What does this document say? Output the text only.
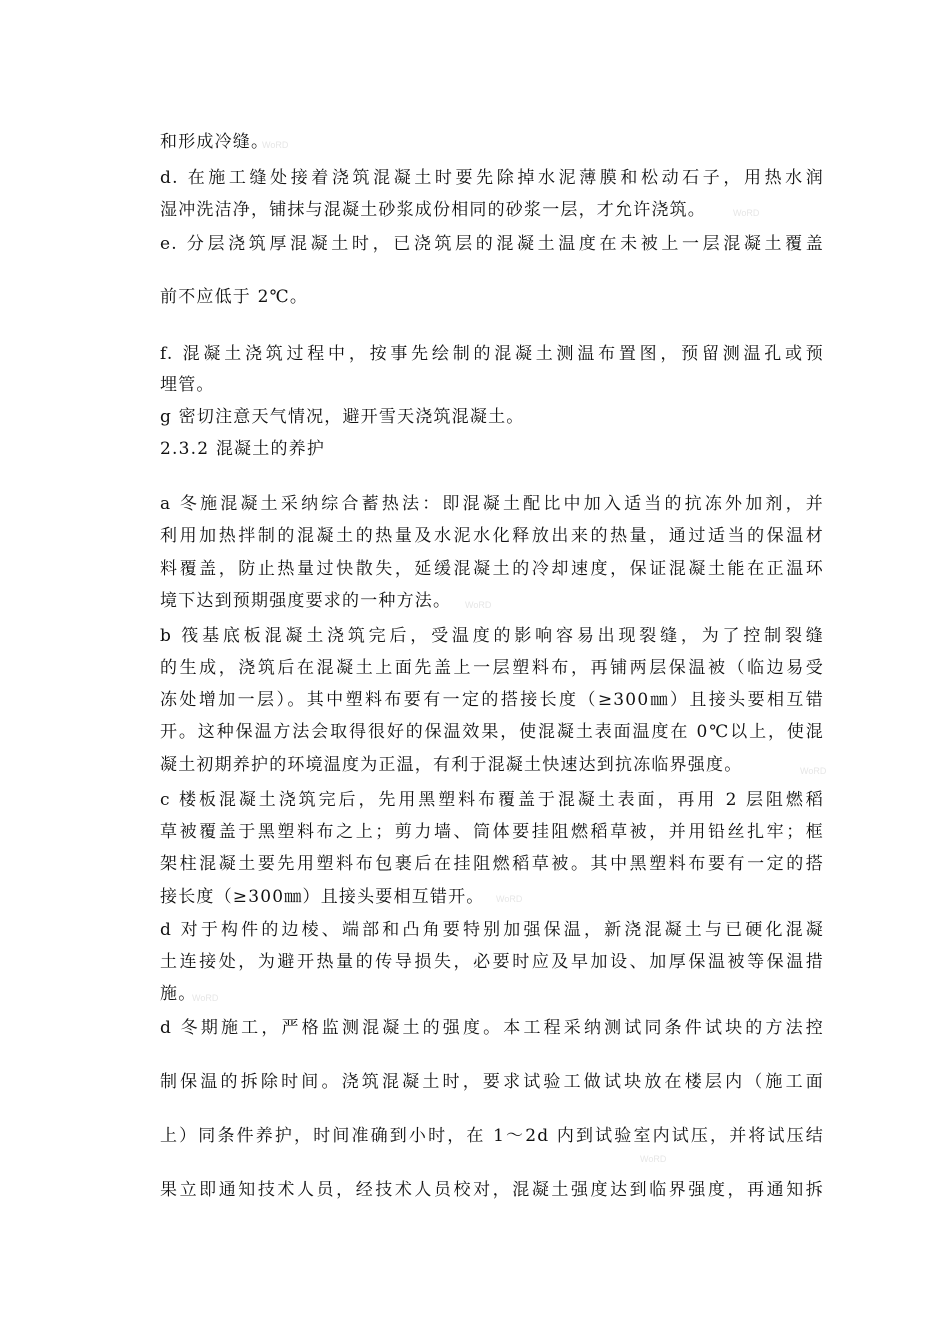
和形成冷缝。
d. 在施工缝处接着浇筑混凝土时要先除掉水泥薄膜和松动石子，用热水润
湿冲洗洁净，铺抹与混凝土砂浆成份相同的砂浆一层，才允许浇筑。
e. 分层浇筑厚混凝土时，已浇筑层的混凝土温度在未被上一层混凝土覆盖
前不应低于 2℃。
f. 混凝土浇筑过程中，按事先绘制的混凝土测温布置图，预留测温孔或预
埋管。
g 密切注意天气情况，避开雪天浇筑混凝土。
2.3.2 混凝土的养护
a 冬施混凝土采纳综合蓄热法：即混凝土配比中加入适当的抗冻外加剂，并
利用加热拌制的混凝土的热量及水泥水化释放出来的热量，通过适当的保温材
料覆盖，防止热量过快散失，延缓混凝土的冷却速度，保证混凝土能在正温环
境下达到预期强度要求的一种方法。
b 筏基底板混凝土浇筑完后，受温度的影响容易出现裂缝，为了控制裂缝
的生成，浇筑后在混凝土上面先盖上一层塑料布，再铺两层保温被（临边易受
冻处增加一层）。其中塑料布要有一定的搭接长度（≥300㎜）且接头要相互错
开。这种保温方法会取得很好的保温效果，使混凝土表面温度在 0℃以上，使混
凝土初期养护的环境温度为正温，有利于混凝土快速达到抗冻临界强度。
c 楼板混凝土浇筑完后，先用黑塑料布覆盖于混凝土表面，再用 2 层阻燃稻
草被覆盖于黑塑料布之上；剪力墙、筒体要挂阻燃稻草被，并用铅丝扎牢；框
架柱混凝土要先用塑料布包裹后在挂阻燃稻草被。其中黑塑料布要有一定的搭
接长度（≥300㎜）且接头要相互错开。
d 对于构件的边棱、端部和凸角要特别加强保温，新浇混凝土与已硬化混凝
土连接处，为避开热量的传导损失，必要时应及早加设、加厚保温被等保温措
施。
d 冬期施工，严格监测混凝土的强度。本工程采纳测试同条件试块的方法控
制保温的拆除时间。浇筑混凝土时，要求试验工做试块放在楼层内（施工面
上）同条件养护，时间准确到小时，在 1～2d 内到试验室内试压，并将试压结
果立即通知技术人员，经技术人员校对，混凝土强度达到临界强度，再通知拆
WoRD
WoRD
WoRD
WoRD
WoRD
WoRD
WoRD
